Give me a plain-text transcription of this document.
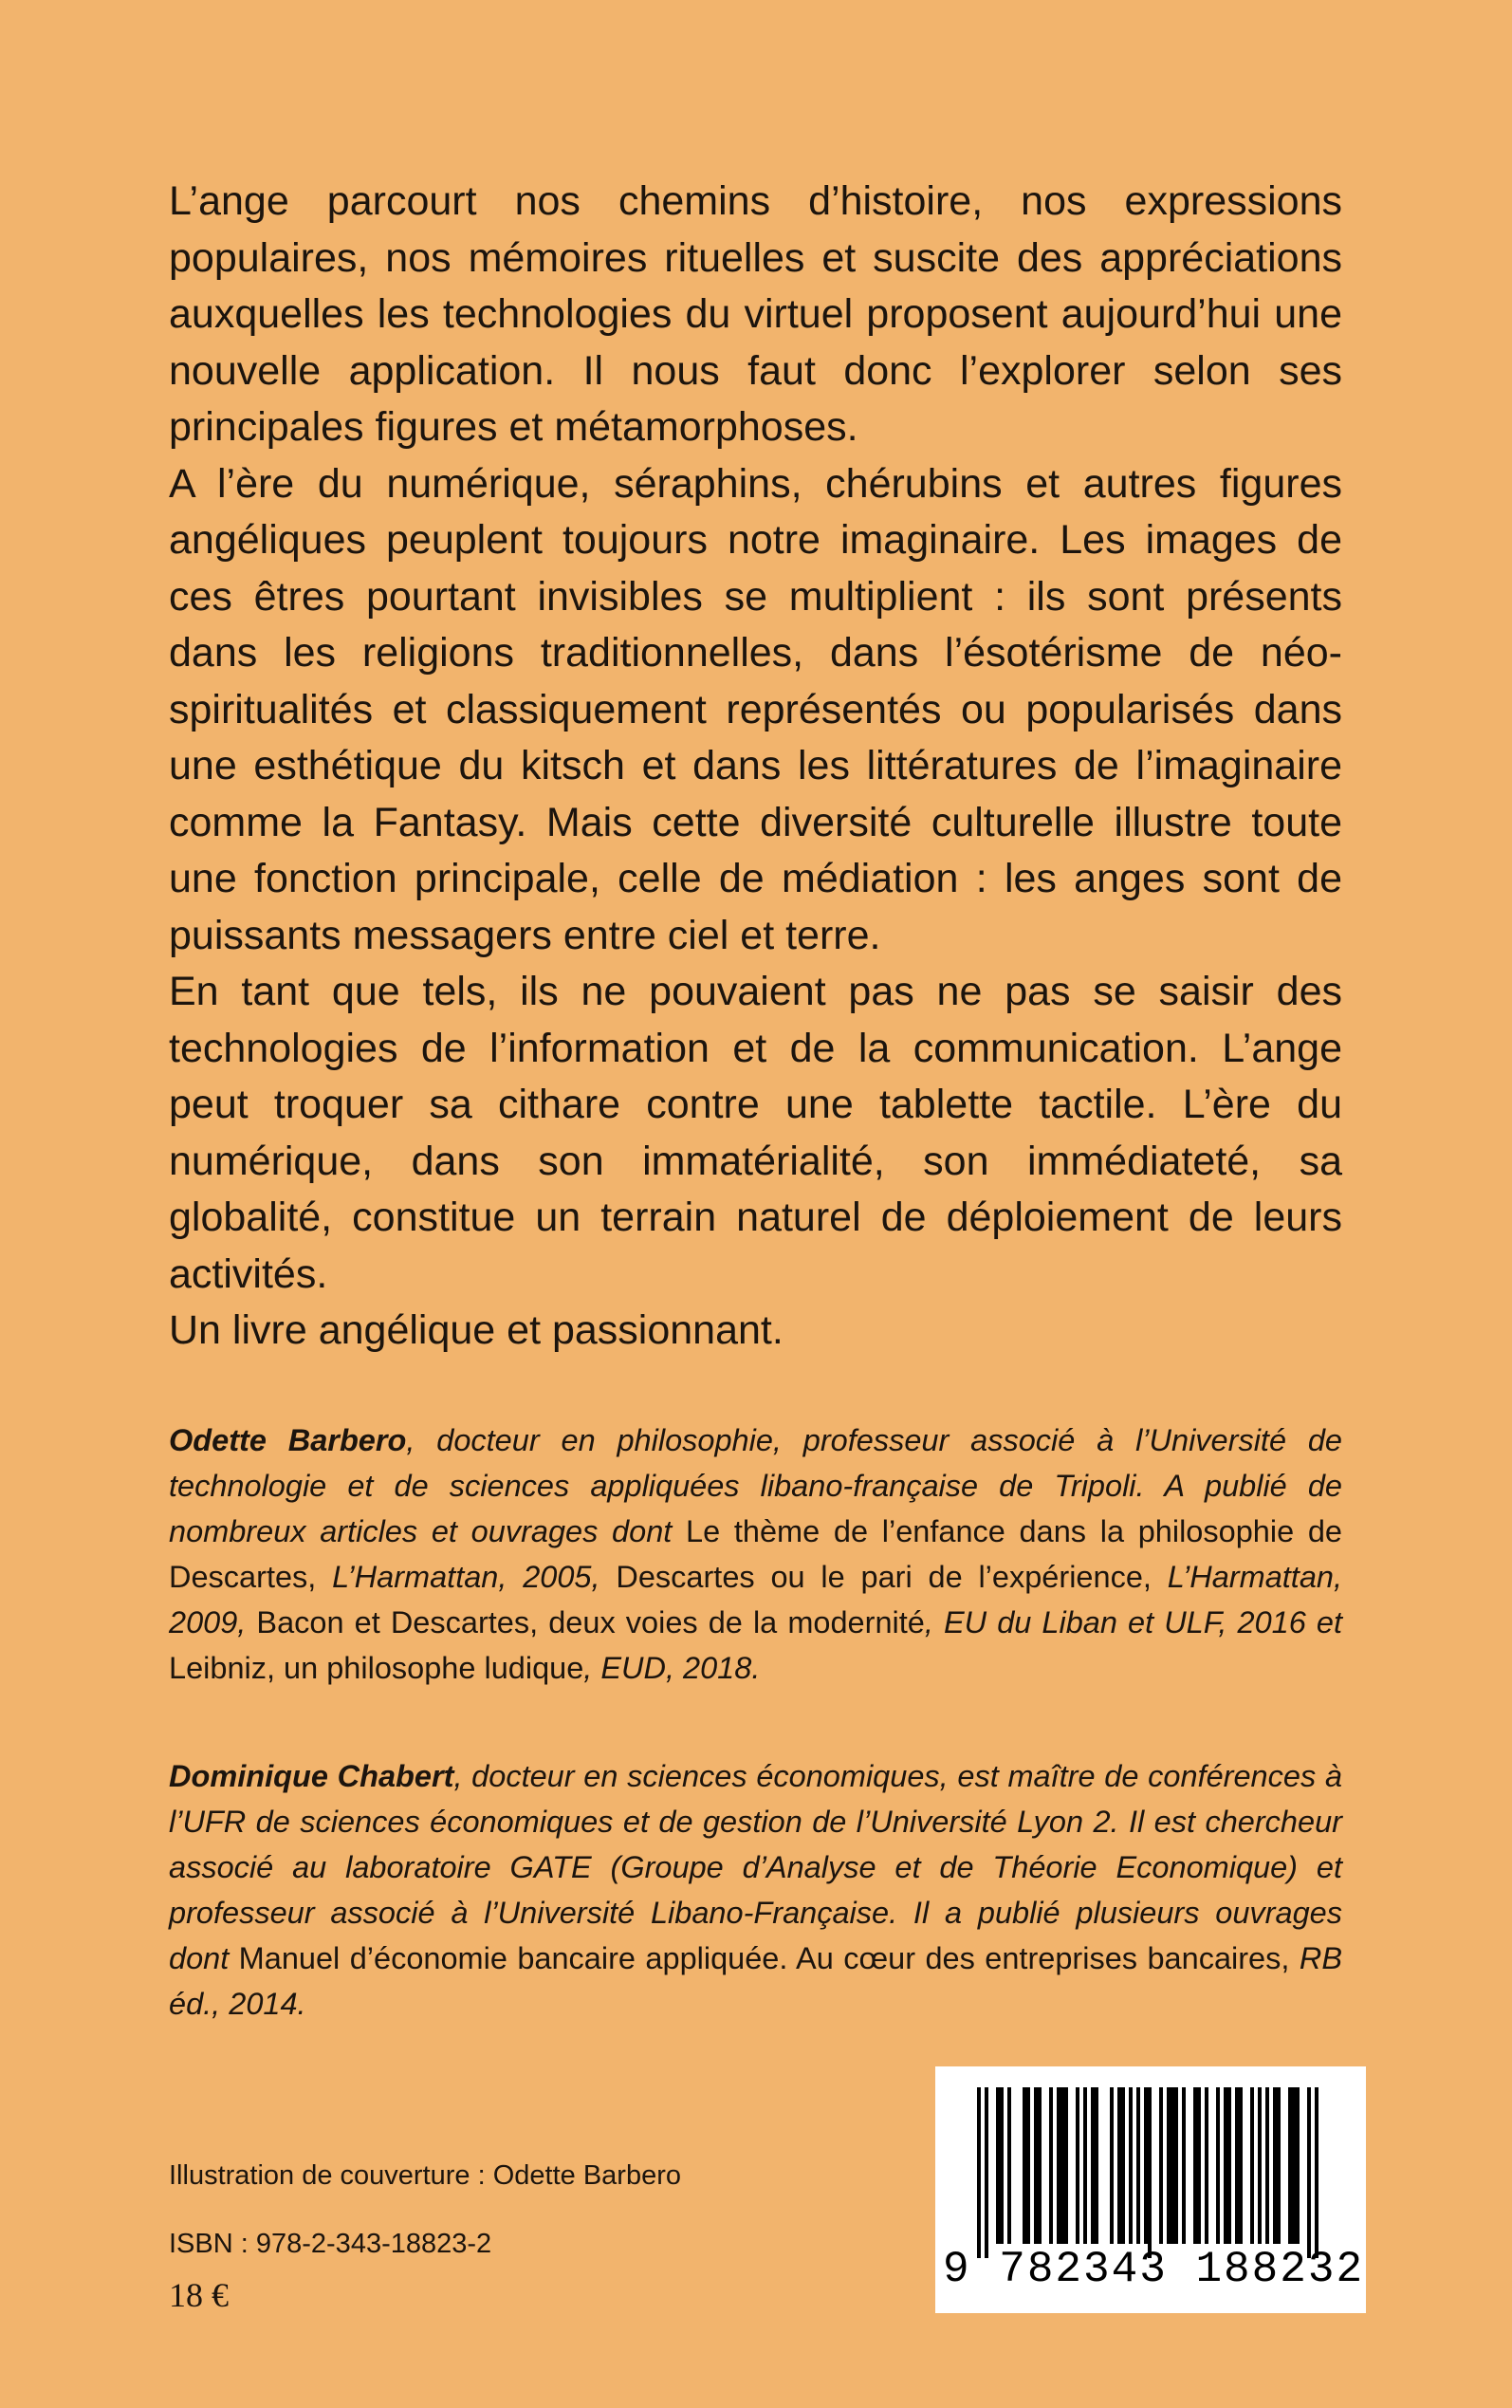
L’ange parcourt nos chemins d’histoire, nos expressions populaires, nos mémoires rituelles et suscite des appréciations auxquelles les technologies du virtuel proposent aujourd’hui une nouvelle application. Il nous faut donc l’explorer selon ses principales figures et métamorphoses.

A l’ère du numérique, séraphins, chérubins et autres figures angéliques peuplent toujours notre imaginaire. Les images de ces êtres pourtant invisibles se multiplient : ils sont présents dans les religions traditionnelles, dans l’ésotérisme de néo-spiritualités et classiquement représentés ou popularisés dans une esthétique du kitsch et dans les littératures de l’imaginaire comme la Fantasy. Mais cette diversité culturelle illustre toute une fonction principale, celle de médiation : les anges sont de puissants messagers entre ciel et terre.

En tant que tels, ils ne pouvaient pas ne pas se saisir des technologies de l’information et de la communication. L’ange peut troquer sa cithare contre une tablette tactile. L’ère du numérique, dans son immatérialité, son immédiateté, sa globalité, constitue un terrain naturel de déploiement de leurs activités.

Un livre angélique et passionnant.

Odette Barbero, docteur en philosophie, professeur associé à l’Université de technologie et de sciences appliquées libano-française de Tripoli. A publié de nombreux articles et ouvrages dont Le thème de l’enfance dans la philosophie de Descartes, L’Harmattan, 2005, Descartes ou le pari de l’expérience, L’Harmattan, 2009, Bacon et Descartes, deux voies de la modernité, EU du Liban et ULF, 2016 et Leibniz, un philosophe ludique, EUD, 2018.

Dominique Chabert, docteur en sciences économiques, est maître de conférences à l’UFR de sciences économiques et de gestion de l’Université Lyon 2. Il est chercheur associé au laboratoire GATE (Groupe d’Analyse et de Théorie Economique) et professeur associé à l’Université Libano-Française. Il a publié plusieurs ouvrages dont Manuel d’économie bancaire appliquée. Au cœur des entreprises bancaires, RB éd., 2014.

Illustration de couverture : Odette Barbero
ISBN : 978-2-343-18823-2
18 €
9 782343 188232
